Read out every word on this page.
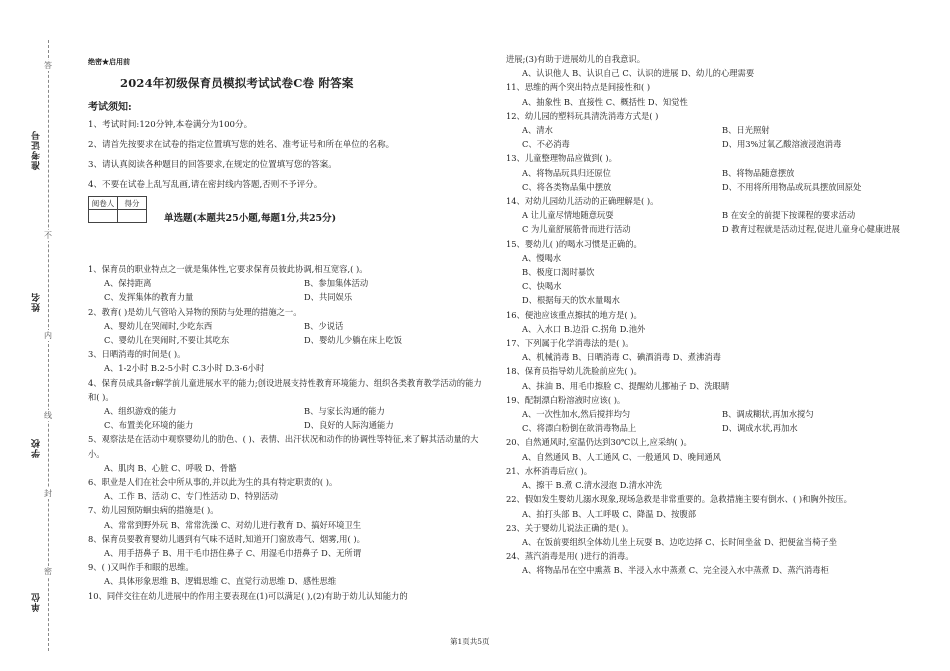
准考证号
姓名
学校
单位
答
不
内
线
封
密
绝密★启用前
2024年初级保育员模拟考试试卷C卷 附答案
考试须知:
1、考试时间:120分钟,本卷满分为100分。
2、请首先按要求在试卷的指定位置填写您的姓名、准考证号和所在单位的名称。
3、请认真阅读各种题目的回答要求,在规定的位置填写您的答案。
4、不要在试卷上乱写乱画,请在密封线内答题,否则不予评分。
阅卷人	得分

单选题(本题共25小题,每题1分,共25分)
1、保育员的职业特点之一就是集体性,它要求保育员彼此协调,相互宽容,( )。
A、保持距离	B、参加集体活动
C、发挥集体的教育力量	D、共同娱乐
2、教育( )是幼儿气管哈入异物的预防与处理的措施之一。
A、婴幼儿在哭闹时,少吃东西	B、少说话
C、婴幼儿在哭闹时,不要让其吃东	D、婴幼儿少躺在床上吃饭
3、日晒消毒的时间是( )。
A、1-2小时 B.2-5小时 C.3小时 D.3-6小时
4、保育员成具备r解学前儿童进展水平的能力;创设进展支持性教育环境能力、组织各类教育教学活动的能力和( )。
A、组织游戏的能力	B、与家长沟通的能力
C、布置美化环境的能力	D、良好的人际沟通能力
5、观察法是在活动中观察婴幼儿的肋色、( )、表情、出汗状况和动作的协调性等特征,来了解其活动量的大小。
A、肌肉 B、心脏 C、呼吸 D、骨骼
6、职业是人们在社会中所从事的,并以此为生的具有特定职责的( )。
A、工作 B、活动 C、专门性活动 D、特别活动
7、幼儿园预防蛔虫病的措施是( )。
A、常常到野外玩 B、常常洗澡 C、对幼儿进行教育 D、搞好环境卫生
8、保育员要教育婴幼儿遇到有气味不适时,知道开门窗放毒气、烟雾,用( )。
A、用手捂鼻子 B、用干毛巾捂住鼻子 C、用湿毛巾捂鼻子 D、无所谓
9、( )又叫作手和眼的思维。
A、具体形象思维 B、逻辑思维 C、直觉行动思维 D、感性思维
10、同伴交往在幼儿进展中的作用主要表现在(1)可以满足( ),(2)有助于幼儿认知能力的
进展;(3)有助于进展幼儿的自我意识。
A、认识他人 B、认识自己 C、认识的进展 D、幼儿的心理需要
11、思维的两个突出特点是间接性和( )
A、抽象性 B、直接性 C、概括性 D、知觉性
12、幼儿园的塑料玩具清洗消毒方式是( )
A、清水	B、日光照射
C、不必消毒	D、用3%过氧乙酸溶液浸泡消毒
13、儿童整理物品应做到( )。
A、将物品玩具归还原位	B、将物品随意摆放
C、将各类物品集中摆放	D、不用将所用物品或玩具摆放回原处
14、对幼儿园幼儿活动的正确理解是( )。
A 让儿童尽情地随意玩耍	B 在安全的前提下按课程的要求活动
C 为儿童舒展筋骨而进行活动	D 教育过程就是活动过程,促进儿童身心健康进展
15、婴幼儿( )的喝水习惯是正确的。
A、慢喝水
B、极度口渴时暴饮
C、快喝水
D、根据每天的饮水量喝水
16、便池应该重点擦拭的地方是( )。
A、入水口 B.边沿 C.拐角 D.池外
17、下列属于化学消毒法的是( )。
A、机械消毒 B、日晒消毒 C、碘酒消毒 D、煮沸消毒
18、保育员指导幼儿洗脸前应先( )。
A、抹油 B、用毛巾擦脸 C、提醒幼儿挪袖子 D、洗眼睛
19、配制漂白粉溶液时应该( )。
A、一次性加水,然后搅拌均匀	B、调成糊状,再加水搅匀
C、将漂白粉倒在欲消毒物品上	D、调成水状,再加水
20、自然通风时,室温仍达到30℃以上,应采纳( )。
A、自然通风 B、人工通风 C、一般通风 D、晚间通风
21、水杯消毒后应( )。
A、擦干 B.煮 C.清水浸泡 D.清水冲洗
22、假如发生婴幼儿溺水现象,现场急救是非常重要的。急救措施主要有倒水、( )和胸外按压。
A、拍打头部 B、人工呼吸 C、降温 D、按腹部
23、关于婴幼儿说法正确的是( )。
A、在饭前要组织全体幼儿坐上玩耍 B、边吃边择 C、长时间坐盆 D、把便盆当椅子坐
24、蒸汽消毒是用( )进行的消毒。
A、将物品吊在空中熏蒸 B、半浸入水中蒸煮 C、完全浸入水中蒸煮 D、蒸汽消毒柜
第1页共5页
